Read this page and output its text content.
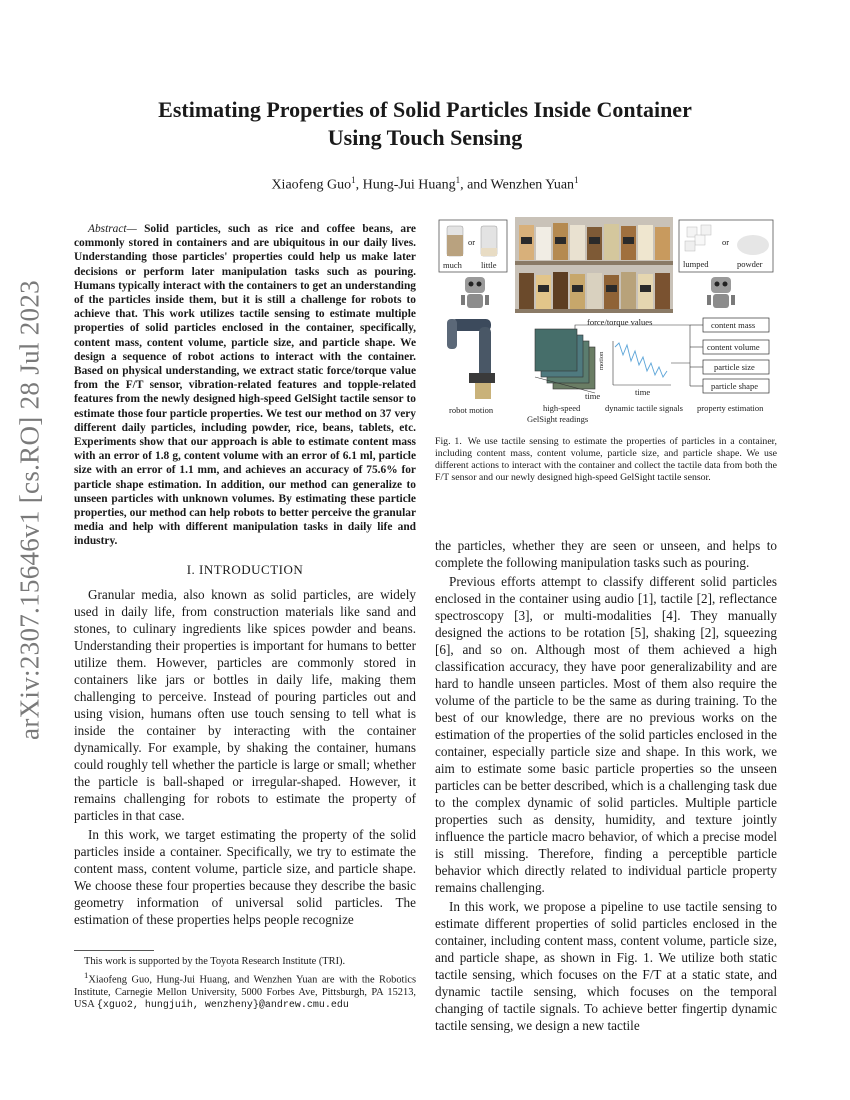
arXiv:2307.15646v1 [cs.RO] 28 Jul 2023
Estimating Properties of Solid Particles Inside Container
Using Touch Sensing
Xiaofeng Guo$^1$, Hung-Jui Huang$^1$, and Wenzhen Yuan$^1$

Abstract— Solid particles, such as rice and coffee beans, are commonly stored in containers and are ubiquitous in our daily lives. Understanding those particles' properties could help us make later decisions or perform later manipulation tasks such as pouring. Humans typically interact with the containers to get an understanding of the particles inside them, but it is still a challenge for robots to achieve that. This work utilizes tactile sensing to estimate multiple properties of solid particles enclosed in the container, specifically, content mass, content volume, particle size, and particle shape. We design a sequence of robot actions to interact with the container. Based on physical understanding, we extract static force/torque value from the F/T sensor, vibration-related features and topple-related features from the newly designed high-speed GelSight tactile sensor to estimate those four particle properties. We test our method on 37 very different daily particles, including powder, rice, beans, tablets, etc. Experiments show that our approach is able to estimate content mass with an error of 1.8 g, content volume with an error of 6.1 ml, particle size with an error of 1.1 mm, and achieves an accuracy of 75.6% for particle shape estimation. In addition, our method can generalize to unseen particles with unknown volumes. By estimating these particle properties, our method can help robots to better perceive the granular media and help with different manipulation tasks in daily life and industry.

I. INTRODUCTION

Granular media, also known as solid particles, are widely used in daily life, from construction materials like sand and stones, to culinary ingredients like spices powder and beans. Understanding their properties is important for humans to better utilize them. However, particles are commonly stored in containers like jars or bottles in daily life, making them challenging to perceive. Instead of pouring particles out and using vision, humans often use touch sensing to tell what is inside the container by interacting with the container dynamically. For example, by shaking the container, humans could roughly tell whether the particle is large or small; whether the particle is ball-shaped or irregular-shaped. However, it remains challenging for robots to estimate the property of particles in that case.

In this work, we target estimating the property of the solid particles inside a container. Specifically, we try to estimate the content mass, content volume, particle size, and particle shape. We choose these four properties because they describe the basic geometry information of universal solid particles. The estimation of these properties helps people recognize

This work is supported by the Toyota Research Institute (TRI).

$^1$Xiaofeng Guo, Hung-Jui Huang, and Wenzhen Yuan are with the Robotics Institute, Carnegie Mellon University, 5000 Forbes Ave, Pittsburgh, PA 15213, USA {xguo2, hungjuih, wenzheny}@andrew.cmu.edu

or
much little
or
lumped	powder
robot motion
force/torque values
time
high-speed
GelSight readings
motion
time
dynamic tactile signals
content mass
content volume
particle size
particle shape
property estimation
Fig. 1. We use tactile sensing to estimate the properties of particles in a container, including content mass, content volume, particle size, and particle shape. We use different actions to interact with the container and collect the tactile data from both the F/T sensor and our newly designed high-speed GelSight tactile sensor.

the particles, whether they are seen or unseen, and helps to complete the following manipulation tasks such as pouring.

Previous efforts attempt to classify different solid particles enclosed in the container using audio [1], tactile [2], reflectance spectroscopy [3], or multi-modalities [4]. They manually designed the actions to be rotation [5], shaking [2], squeezing [6], and so on. Although most of them achieved a high classification accuracy, they have poor generalizability and are hard to handle unseen particles. Most of them also require the volume of the particle to be the same as during training. To the best of our knowledge, there are no previous works on the estimation of the properties of the solid particles enclosed in the container, especially particle size and shape. In this work, we aim to estimate some basic particle properties so the unseen particles can be better described, which is a challenging task due to the complex dynamic of solid particles. Multiple particle properties such as density, humidity, and texture jointly influence the particle macro behavior, of which a precise model is still missing. Therefore, finding a perceptible particle behavior which directly related to individual particle property remains challenging.

In this work, we propose a pipeline to use tactile sensing to estimate different properties of solid particles enclosed in the container, including content mass, content volume, particle size, and particle shape, as shown in Fig. 1. We utilize both static tactile sensing, which focuses on the F/T at a static state, and dynamic tactile sensing, which focuses on the temporal changing of tactile signals. To achieve better fingertip dynamic tactile sensing, we design a new tactile
